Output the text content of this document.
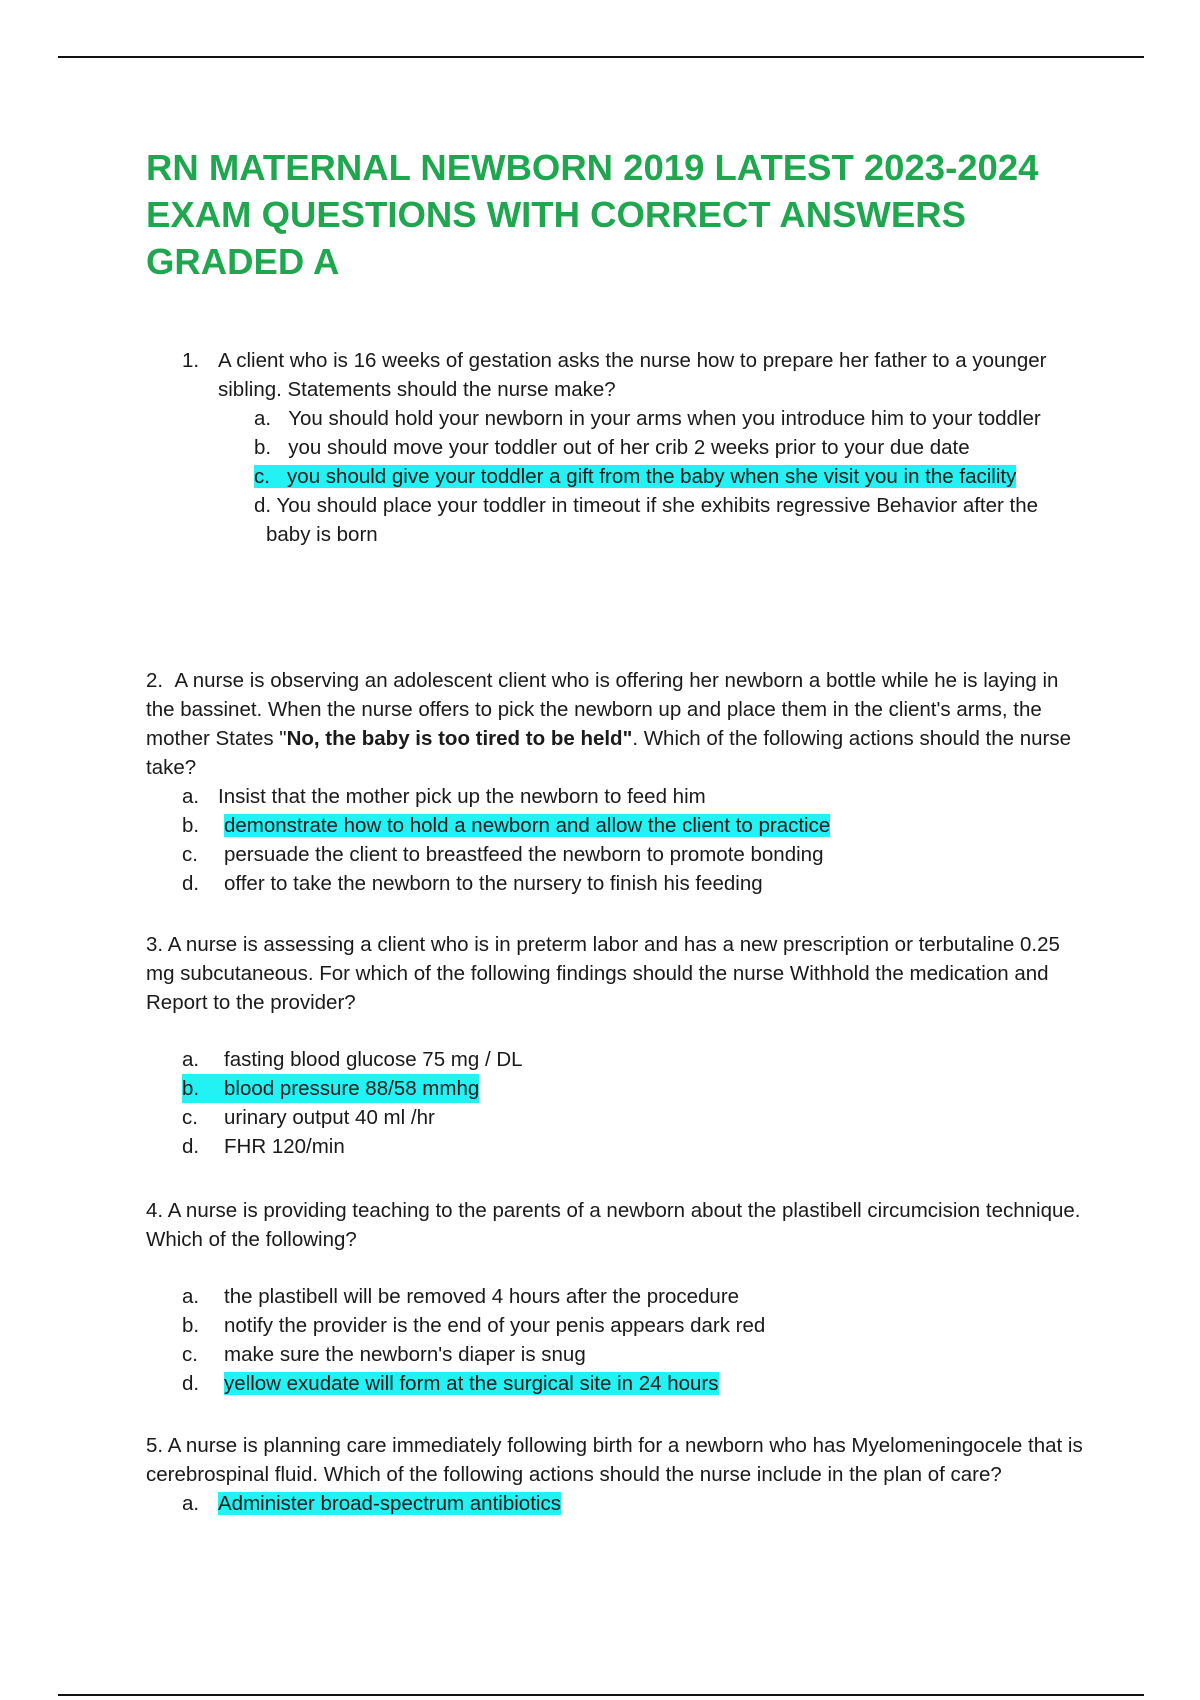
RN MATERNAL NEWBORN 2019 LATEST 2023-2024 EXAM QUESTIONS WITH CORRECT ANSWERS GRADED A
1. A client who is 16 weeks of gestation asks the nurse how to prepare her father to a younger sibling. Statements should the nurse make?
a. You should hold your newborn in your arms when you introduce him to your toddler
b. you should move your toddler out of her crib 2 weeks prior to your due date
c. you should give your toddler a gift from the baby when she visit you in the facility
d. You should place your toddler in timeout if she exhibits regressive Behavior after the baby is born
2. A nurse is observing an adolescent client who is offering her newborn a bottle while he is laying in the bassinet. When the nurse offers to pick the newborn up and place them in the client's arms, the mother States "No, the baby is too tired to be held". Which of the following actions should the nurse take?
a. Insist that the mother pick up the newborn to feed him
b.	demonstrate how to hold a newborn and allow the client to practice
c.	persuade the client to breastfeed the newborn to promote bonding
d.	offer to take the newborn to the nursery to finish his feeding
3. A nurse is assessing a client who is in preterm labor and has a new prescription or terbutaline 0.25 mg subcutaneous. For which of the following findings should the nurse Withhold the medication and Report to the provider?
a.	fasting blood glucose 75 mg / DL
b.	blood pressure 88/58 mmhg
c.	urinary output 40 ml /hr
d.	FHR 120/min
4. A nurse is providing teaching to the parents of a newborn about the plastibell circumcision technique. Which of the following?
a.	the plastibell will be removed 4 hours after the procedure
b.	notify the provider is the end of your penis appears dark red
c.	make sure the newborn's diaper is snug
d.	yellow exudate will form at the surgical site in 24 hours
5. A nurse is planning care immediately following birth for a newborn who has Myelomeningocele that is cerebrospinal fluid. Which of the following actions should the nurse include in the plan of care?
a. Administer broad-spectrum antibiotics
